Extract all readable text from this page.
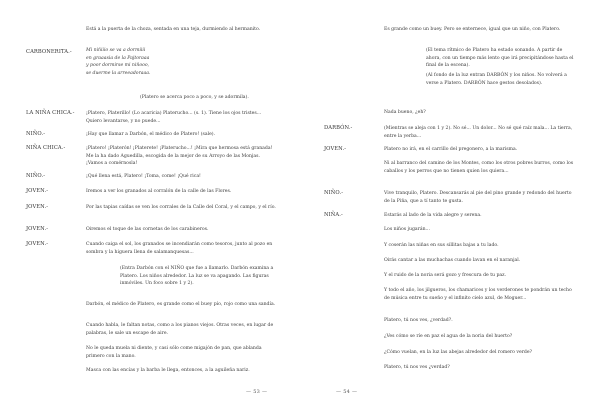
Está a la puerta de la choza, sentada en una teja, durmiendo al hermanito.
CARBONERITA.-	Mi niñiiio se va a dormiiii
en graaasia de la Pajtoraaa
y poor dormirse mi niñooo,
se duerme la arreeadoraaa.
(Platero se acerca poco a poco, y se adormila).
LA NIÑA CHICA.- ¡Platero, Platerillo! (Lo acaricia) Platerucho... (s. 1). Tiene los ojos tristes... Quiero levantarse, y no puede...
NIÑO.-	¡Hay que llamar a Darbón, el médico de Platero! (sale).
NIÑA CHICA.-	¡Platero! ¡Platerón! ¡Platerete! ¡Platerucho...! ¡Mira que hermosa está granada! Me la ha dado Aguedilla, escogida de la mejor de su Arroyo de las Monjas. ¡Vamos a comérnosla!
NIÑO.-	¡Qué llena está, Platero! ¡Toma, come! ¡Qué rica!
JOVEN.-	Iremos a ver los granados al corralón de la calle de las Flores.
JOVEN.-	Por las tapias caídas se ven los corrales de la Calle del Coral, y el campo, y el río.
JOVEN.-	Oiremos el toque de las cornetas de los carabineros.
JOVEN.-	Cuando caiga el sol, los granados se incendiarán como tesoros, junto al pozo en sombra y la higuera llena de salamanquesas...
(Entra Darbón con el NIÑO que fue a llamarlo. Darbón examina a Platero. Los niños alrededor. La luz se va apagando. Las figuras inmóviles. Un foco sobre 1 y 2).
Darbón, el médico de Platero, es grande como el buey pío, rojo como una sandía.
Cuando habla, le faltan notas, como a los pianos viejos. Otras veces, en lugar de palabras, le sale un escape de aire.
No le queda muela ni diente, y casi sólo come migajón de pan, que ablanda primero con la mano.
Masca con las encías y la barba le llega, entonces, a la aguileña nariz.
— 53 —
Es grande como un buey. Pero se enternece, igual que un niño, con Platero.
(El tema rítmico de Platero ha estado sonando. A partir de ahora, con un tiempo más lento que irá precipitándose hasta el final de la escena).
(Al fondo de la luz entran DARBÓN y los niños. No volverá a verse a Platero. DARBÓN hace gestos desolados).
Nada bueno, ¿eh?
DARBÓN.-	(Mientras se aleja con 1 y 2). No sé... Un dolor... No sé qué raíz mala... La tierra, entre la yerba...
JOVEN.-	Platero no irá, en el carrillo del pregonero, a la marisma.
Ni al barranco del camino de los Montes, como los otros pobres burros, como los caballos y los perros que no tienen quien los quiera...
NIÑO.-	Vive tranquilo, Platero. Descansarás al pie del pino grande y redondo del huerto de la Piña, que a tí tanto te gusta.
NIÑA.-	Estarás al lado de la vida alegre y serena.
Los niños jugarán...
Y coserán las niñas en sus sillitas bajas a tu lado.
Oirás cantar a las muchachas cuando lavan en el naranjal.
Y el ruido de la noria será gozo y frescura de tu paz.
Y todo el año, los jilgueros, los chamarices y los verderones te pondrán un techo de música entre tu sueño y el infinito cielo azul, de Moguer...
Platero, tú nos ves, ¿verdad?.
¿Ves cómo se ríe en paz el agua de la noria del huerto?
¿Cómo vuelan, en la luz las abejas alrededor del romero verde?
Platero, tú nos ves ¿verdad?
— 54 —
